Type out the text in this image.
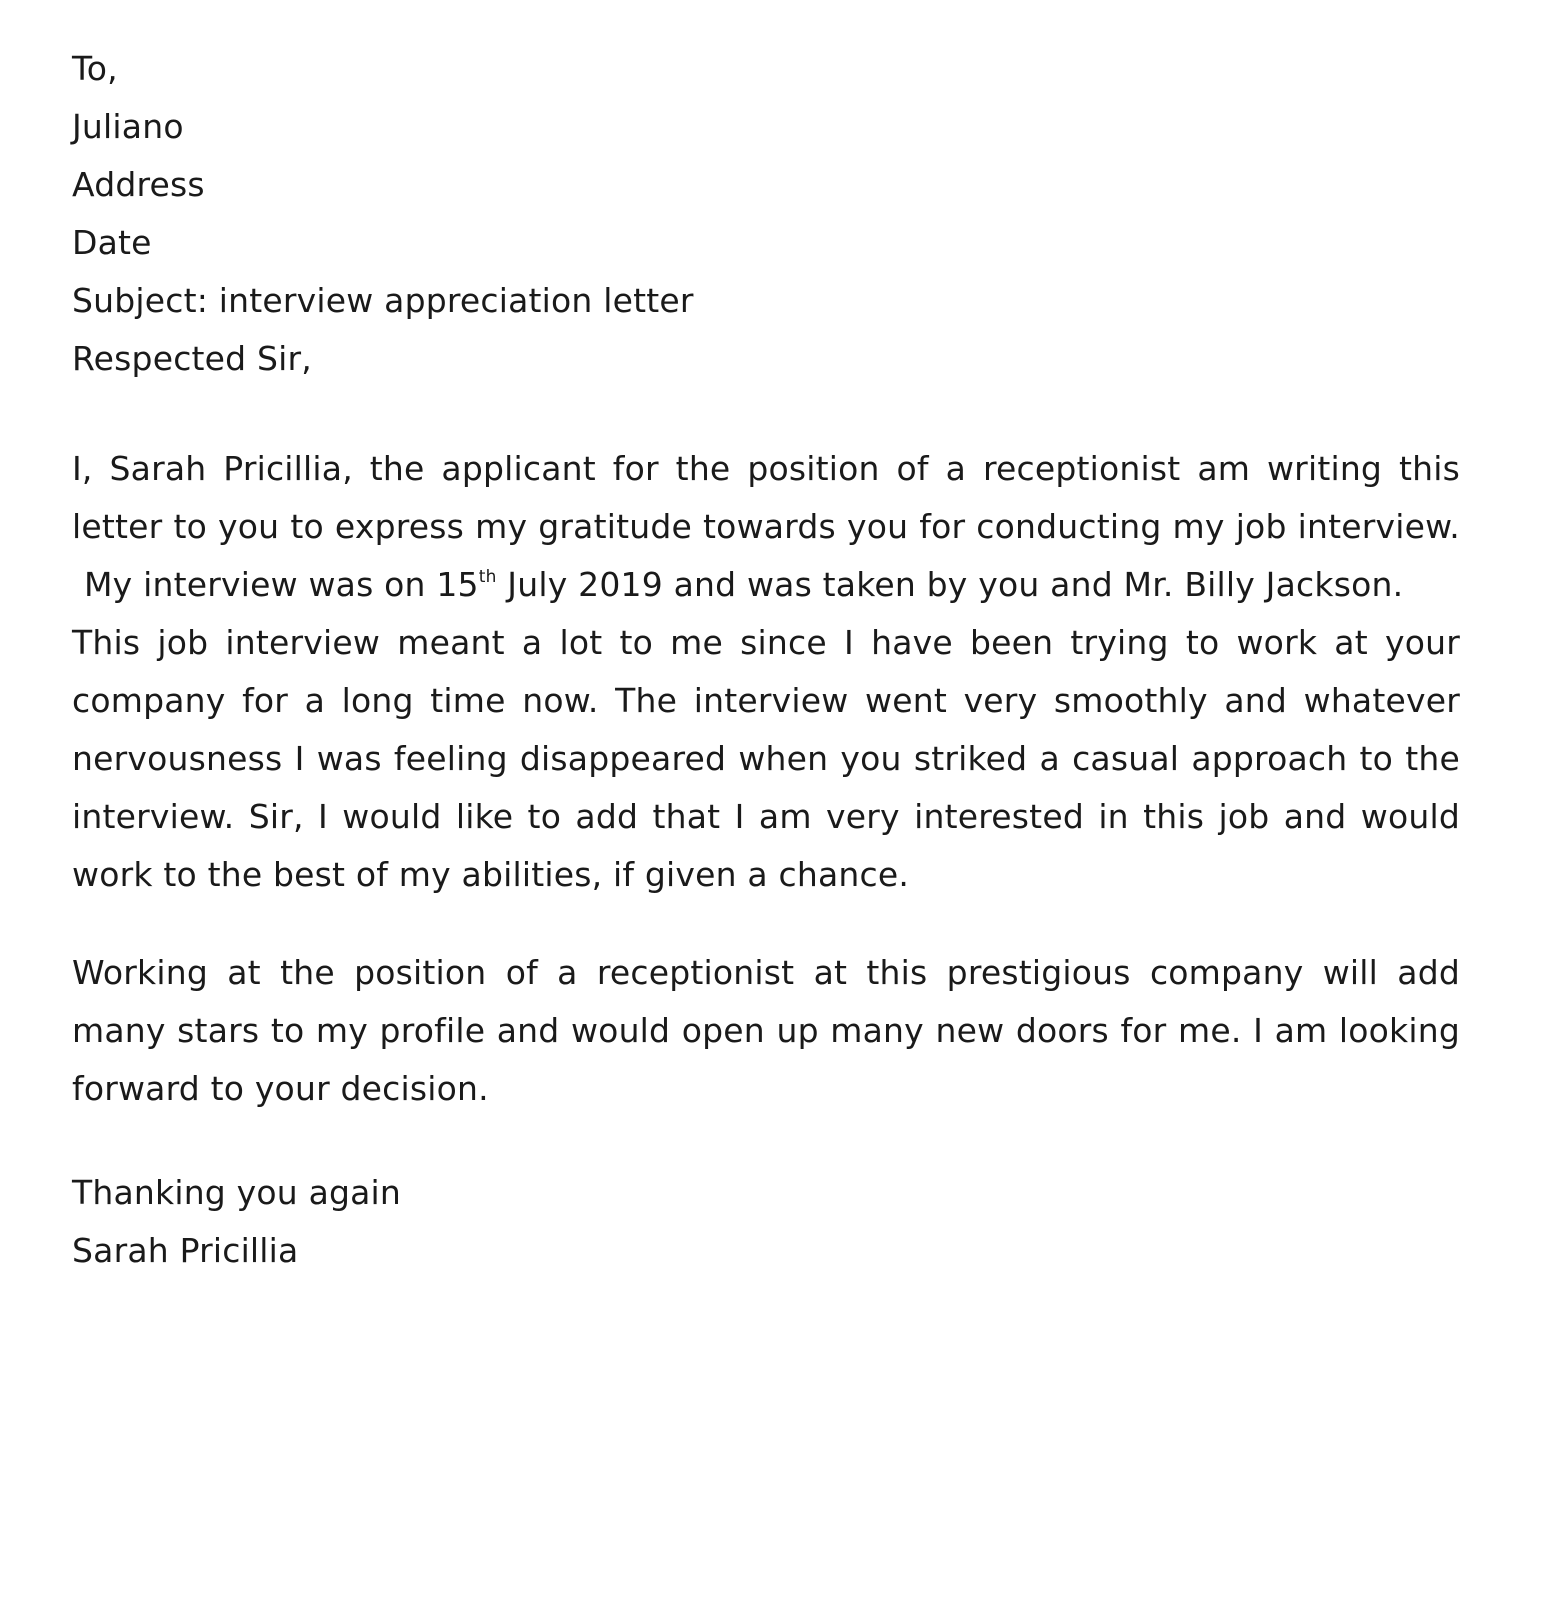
To,
Juliano
Address
Date
Subject: interview appreciation letter
Respected Sir,
I, Sarah Pricillia, the applicant for the position of a receptionist am writing this
letter to you to express my gratitude towards you for conducting my job interview.
My interview was on 15th July 2019 and was taken by you and Mr. Billy Jackson.
This job interview meant a lot to me since I have been trying to work at your
company for a long time now. The interview went very smoothly and whatever
nervousness I was feeling disappeared when you striked a casual approach to the
interview. Sir, I would like to add that I am very interested in this job and would
work to the best of my abilities, if given a chance.
Working at the position of a receptionist at this prestigious company will add
many stars to my profile and would open up many new doors for me. I am looking
forward to your decision.
Thanking you again
Sarah Pricillia
